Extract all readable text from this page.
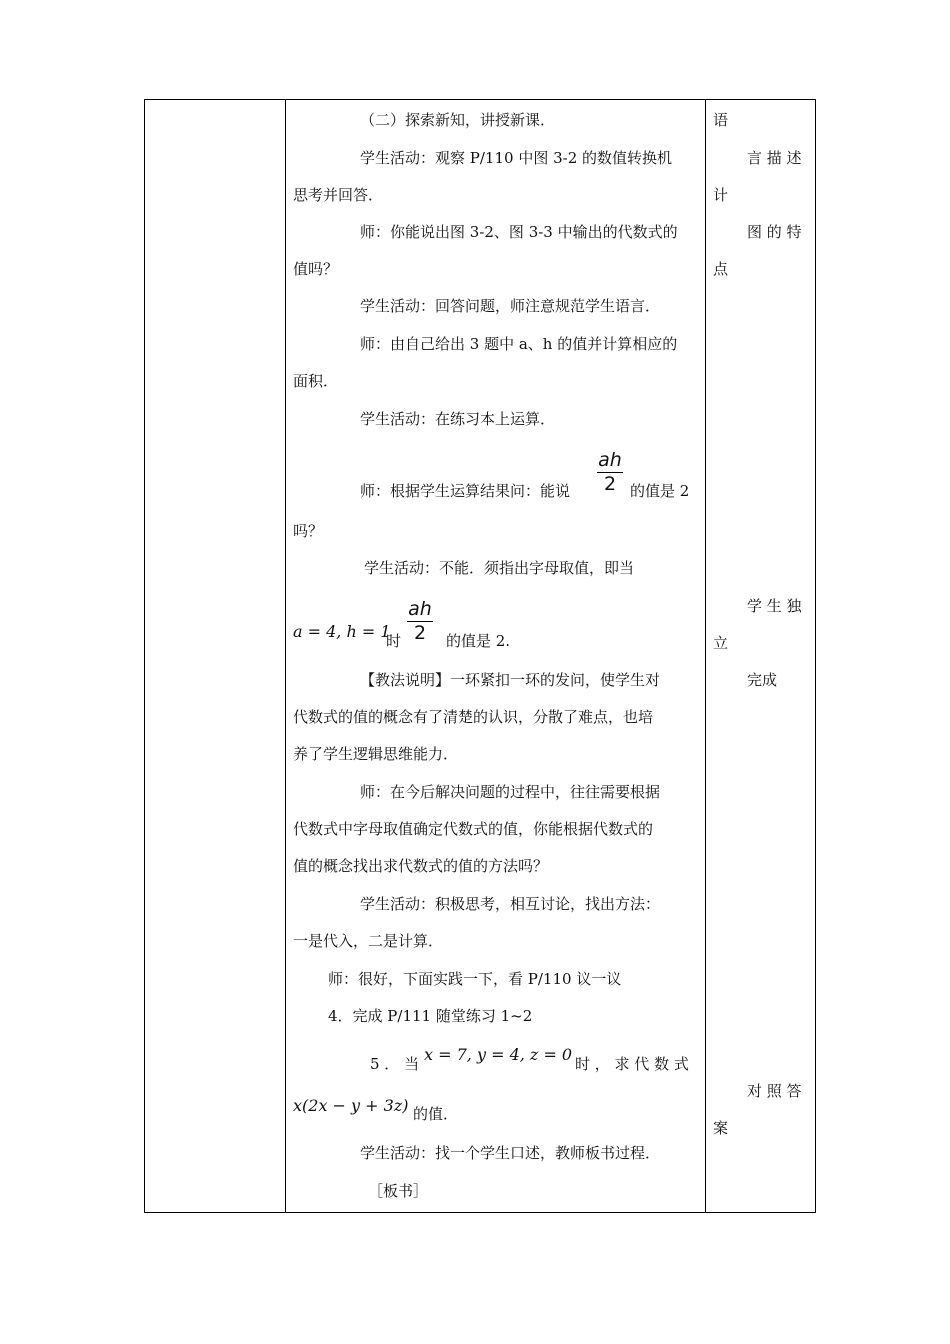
（二）探索新知，讲授新课．
学生活动：观察 P/110 中图 3-2 的数值转换机
思考并回答．
师：你能说出图 3-2、图 3-3 中输出的代数式的
值吗？
学生活动：回答问题，师注意规范学生语言．
师：由自己给出 3 题中 a、h 的值并计算相应的
面积．
学生活动：在练习本上运算．
师：根据学生运算结果问：能说
ah
2 的值是 2
吗？
学生活动：不能．须指出字母取值，即当
a = 4, h = 1
时
ah
2	的值是 2.
【教法说明】一环紧扣一环的发问，使学生对
代数式的值的概念有了清楚的认识，分散了难点，也培
养了学生逻辑思维能力．
师：在今后解决问题的过程中，往往需要根据
代数式中字母取值确定代数式的值，你能根据代数式的
值的概念找出求代数式的值的方法吗？
学生活动：积极思考，相互讨论，找出方法：
一是代入，二是计算．
师：很好，下面实践一下，看 P/110 议一议
4．完成 P/111 随堂练习 1~2
5 ． 当 x = 7, y = 4, z = 0 时 ， 求 代 数 式
x(2x − y + 3z) 的值．
学生活动：找一个学生口述，教师板书过程．
［板书］
语
计
点
立
案
言 描 述
图 的 特
学 生 独
完成
对 照 答
